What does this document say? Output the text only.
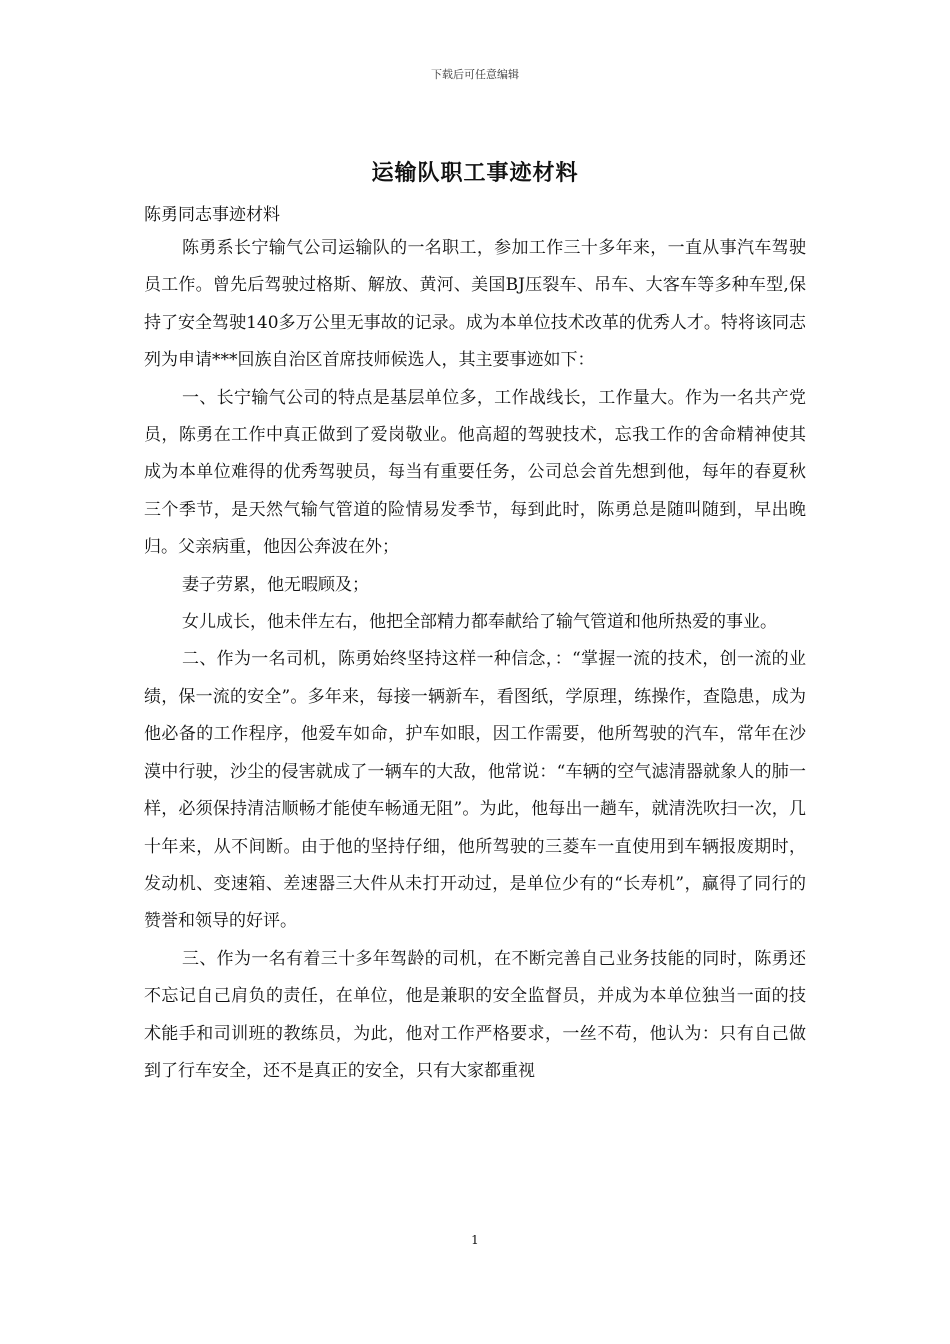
下载后可任意编辑
运输队职工事迹材料
陈勇同志事迹材料

陈勇系长宁输气公司运输队的一名职工，参加工作三十多年来，一直从事汽车驾驶员工作。曾先后驾驶过格斯、解放、黄河、美国BJ压裂车、吊车、大客车等多种车型,保持了安全驾驶140多万公里无事故的记录。成为本单位技术改革的优秀人才。特将该同志列为申请***回族自治区首席技师候选人，其主要事迹如下：

一、长宁输气公司的特点是基层单位多，工作战线长，工作量大。作为一名共产党员，陈勇在工作中真正做到了爱岗敬业。他高超的驾驶技术，忘我工作的舍命精神使其成为本单位难得的优秀驾驶员，每当有重要任务，公司总会首先想到他，每年的春夏秋三个季节，是天然气输气管道的险情易发季节，每到此时，陈勇总是随叫随到，早出晚归。父亲病重，他因公奔波在外；

妻子劳累，他无暇顾及；

女儿成长，他未伴左右，他把全部精力都奉献给了输气管道和他所热爱的事业。

二、作为一名司机，陈勇始终坚持这样一种信念，：“掌握一流的技术，创一流的业绩，保一流的安全”。多年来，每接一辆新车，看图纸，学原理，练操作，查隐患，成为他必备的工作程序，他爱车如命，护车如眼，因工作需要，他所驾驶的汽车，常年在沙漠中行驶，沙尘的侵害就成了一辆车的大敌，他常说：“车辆的空气滤清器就象人的肺一样，必须保持清洁顺畅才能使车畅通无阻”。为此，他每出一趟车，就清洗吹扫一次，几十年来，从不间断。由于他的坚持仔细，他所驾驶的三菱车一直使用到车辆报废期时，发动机、变速箱、差速器三大件从未打开动过，是单位少有的“长寿机”，赢得了同行的赞誉和领导的好评。

三、作为一名有着三十多年驾龄的司机，在不断完善自己业务技能的同时，陈勇还不忘记自己肩负的责任，在单位，他是兼职的安全监督员，并成为本单位独当一面的技术能手和司训班的教练员，为此，他对工作严格要求，一丝不苟，他认为：只有自己做到了行车安全，还不是真正的安全，只有大家都重视

1
